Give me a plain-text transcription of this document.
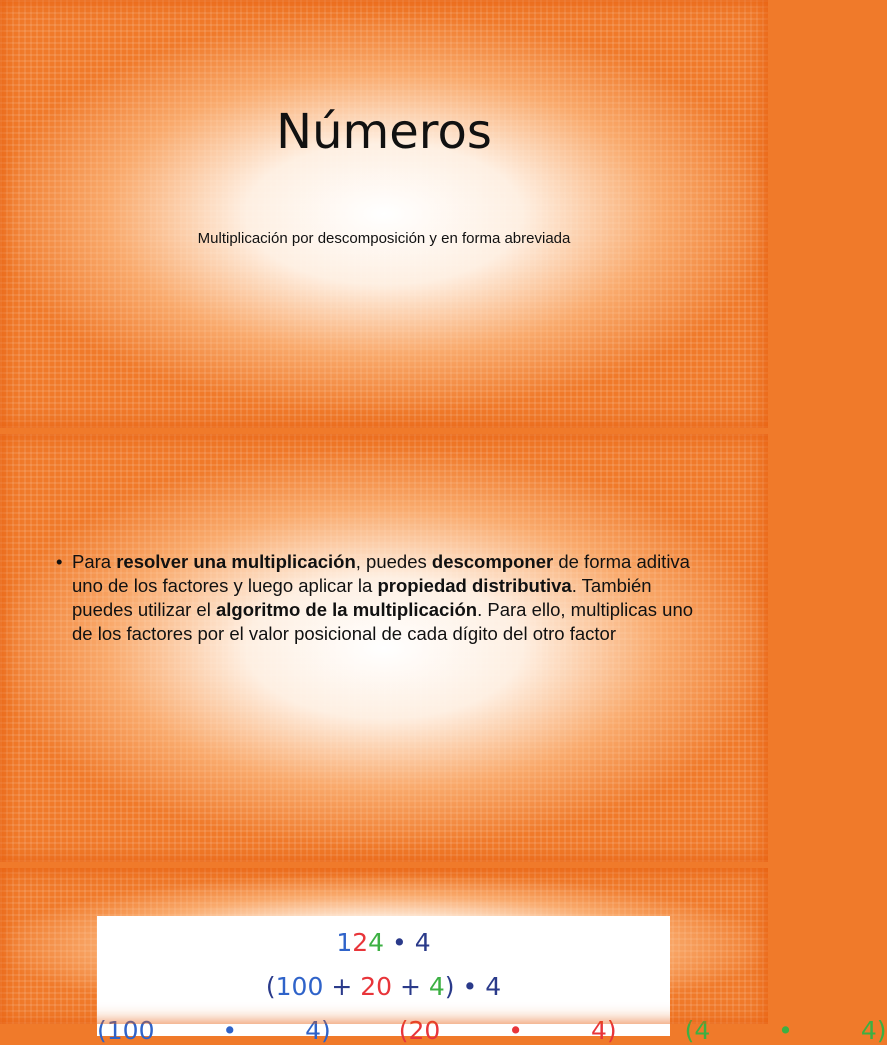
Números
Multiplicación por descomposición y en forma abreviada
• Para resolver una multiplicación, puedes descomponer de forma aditiva uno de los factores y luego aplicar la propiedad distributiva. También puedes utilizar el algoritmo de la multiplicación. Para ello, multiplicas uno de los factores por el valor posicional de cada dígito del otro factor
124 • 4
(100 + 20 + 4) • 4
(100 • 4)	(20 • 4)	(4 • 4)
